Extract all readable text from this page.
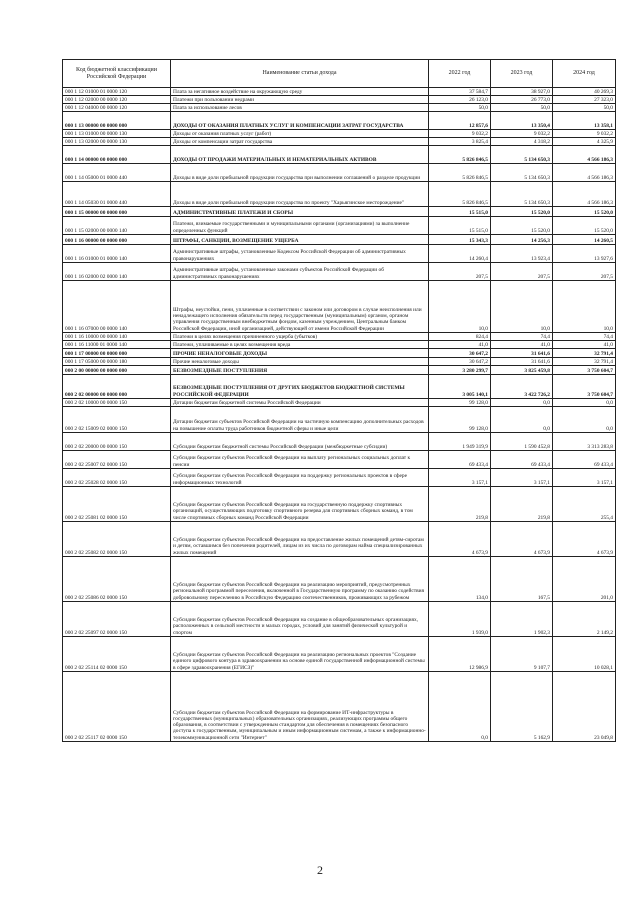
Код бюджетной классификации Российской Федерации	Наименование статьи дохода	2022 год	2023 год	2024 год
000 1 12 01000 01 0000 120	Плата за негативное воздействие на окружающую среду	37 584,7	38 927,0	40 269,3
000 1 12 02000 00 0000 120	Платежи при пользовании недрами	26 123,0	26 773,0	27 323,0
000 1 12 04000 00 0000 120	Плата за использование лесов	50,0	50,0	50,0
000 1 13 00000 00 0000 000	ДОХОДЫ ОТ ОКАЗАНИЯ ПЛАТНЫХ УСЛУГ И КОМПЕНСАЦИИ ЗАТРАТ ГОСУДАРСТВА	12 857,6	13 350,4	13 358,1
000 1 13 01000 00 0000 130	Доходы от оказания платных услуг (работ)	9 032,2	9 032,2	9 032,2
000 1 13 02000 00 0000 130	Доходы от компенсации затрат государства	3 825,4	4 318,2	4 325,9
000 1 14 00000 00 0000 000	ДОХОДЫ ОТ ПРОДАЖИ МАТЕРИАЛЬНЫХ И НЕМАТЕРИАЛЬНЫХ АКТИВОВ	5 826 846,5	5 134 650,3	4 566 186,3
000 1 14 05000 01 0000 440	Доходы в виде доли прибыльной продукции государства при выполнении соглашений о разделе продукции	5 826 846,5	5 134 650,3	4 566 186,3
000 1 14 05030 01 0000 440	Доходы в виде доли прибыльной продукции государства по проекту "Харьягинское месторождение"	5 826 846,5	5 134 650,3	4 566 186,3
000 1 15 00000 00 0000 000	АДМИНИСТРАТИВНЫЕ ПЛАТЕЖИ И СБОРЫ	15 515,0	15 520,0	15 520,0
000 1 15 02000 00 0000 140	Платежи, взимаемые государственными и муниципальными органами (организациями) за выполнение определенных функций	15 515,0	15 520,0	15 520,0
000 1 16 00000 00 0000 000	ШТРАФЫ, САНКЦИИ, ВОЗМЕЩЕНИЕ УЩЕРБА	15 343,3	14 256,3	14 260,5
000 1 16 01000 01 0000 140	Административные штрафы, установленные Кодексом Российской Федерации об административных правонарушениях	14 260,4	13 923,4	13 927,6
000 1 16 02000 02 0000 140	Административные штрафы, установленные законами субъектов Российской Федерации об административных правонарушениях	207,5	207,5	207,5
000 1 16 07000 00 0000 140	Штрафы, неустойки, пени, уплаченные в соответствии с законом или договором в случае неисполнения или ненадлежащего исполнения обязательств перед государственным (муниципальным) органом, органом управления государственным внебюджетным фондом, казенным учреждением, Центральным банком Российской Федерации, иной организацией, действующей от имени Российской Федерации	10,0	10,0	10,0
000 1 16 10000 00 0000 140	Платежи в целях возмещения причиненного ущерба (убытков)	824,4	74,4	74,4
000 1 16 11000 01 0000 140	Платежи, уплачиваемые в целях возмещения вреда	41,0	41,0	41,0
000 1 17 00000 00 0000 000	ПРОЧИЕ НЕНАЛОГОВЫЕ ДОХОДЫ	30 647,2	31 641,6	32 791,4
000 1 17 05000 00 0000 180	Прочие неналоговые доходы	30 647,2	31 641,6	32 791,4
000 2 00 00000 00 0000 000	БЕЗВОЗМЕЗДНЫЕ ПОСТУПЛЕНИЯ	3 280 299,7	3 825 459,8	3 750 604,7
000 2 02 00000 00 0000 000	БЕЗВОЗМЕЗДНЫЕ ПОСТУПЛЕНИЯ ОТ ДРУГИХ БЮДЖЕТОВ БЮДЖЕТНОЙ СИСТЕМЫ РОССИЙСКОЙ ФЕДЕРАЦИИ	3 005 140,1	3 422 726,2	3 750 604,7
000 2 02 10000 00 0000 150	Дотации бюджетам бюджетной системы Российской Федерации	99 128,0	0,0	0,0
000 2 02 15009 02 0000 150	Дотации бюджетам субъектов Российской Федерации на частичную компенсацию дополнительных расходов на повышение оплаты труда работников бюджетной сферы и иные цели	99 128,0	0,0	0,0
000 2 02 20000 00 0000 150	Субсидии бюджетам бюджетной системы Российской Федерации (межбюджетные субсидии)	1 949 319,9	1 590 452,8	3 313 283,8
000 2 02 25007 02 0000 150	Субсидии бюджетам субъектов Российской Федерации на выплату региональных социальных доплат к пенсии	69 433,4	69 433,4	69 433,4
000 2 02 25028 02 0000 150	Субсидии бюджетам субъектов Российской Федерации на поддержку региональных проектов в сфере информационных технологий	3 157,1	3 157,1	3 157,1
000 2 02 25081 02 0000 150	Субсидии бюджетам субъектов Российской Федерации на государственную поддержку спортивных организаций, осуществляющих подготовку спортивного резерва для спортивных сборных команд, в том числе спортивных сборных команд Российской Федерации	219,8	219,8	255,4
000 2 02 25082 02 0000 150	Субсидии бюджетам субъектов Российской Федерации на предоставление жилых помещений детям-сиротам и детям, оставшимся без попечения родителей, лицам из их числа по договорам найма специализированных жилых помещений	4 673,9	4 673,9	4 673,9
000 2 02 25086 02 0000 150	Субсидии бюджетам субъектов Российской Федерации на реализацию мероприятий, предусмотренных региональной программой переселения, включенной в Государственную программу по оказанию содействия добровольному переселению в Российскую Федерацию соотечественников, проживающих за рубежом	134,0	167,5	201,0
000 2 02 25097 02 0000 150	Субсидии бюджетам субъектов Российской Федерации на создание в общеобразовательных организациях, расположенных в сельской местности и малых городах, условий для занятий физической культурой и спортом	1 939,0	1 902,3	2 149,2
000 2 02 25114 02 0000 150	Субсидии бюджетам субъектов Российской Федерации на реализацию региональных проектов "Создание единого цифрового контура в здравоохранении на основе единой государственной информационной системы в сфере здравоохранения (ЕГИСЗ)"	12 986,9	9 107,7	10 028,1
000 2 02 25117 02 0000 150	Субсидии бюджетам субъектов Российской Федерации на формирование ИТ-инфраструктуры в государственных (муниципальных) образовательных организациях, реализующих программы общего образования, в соответствии с утвержденным стандартом для обеспечения в помещениях безопасного доступа к государственным, муниципальным и иным информационным системам, а также к информационно-телекоммуникационной сети "Интернет"	0,0	5 162,9	23 049,8
2
